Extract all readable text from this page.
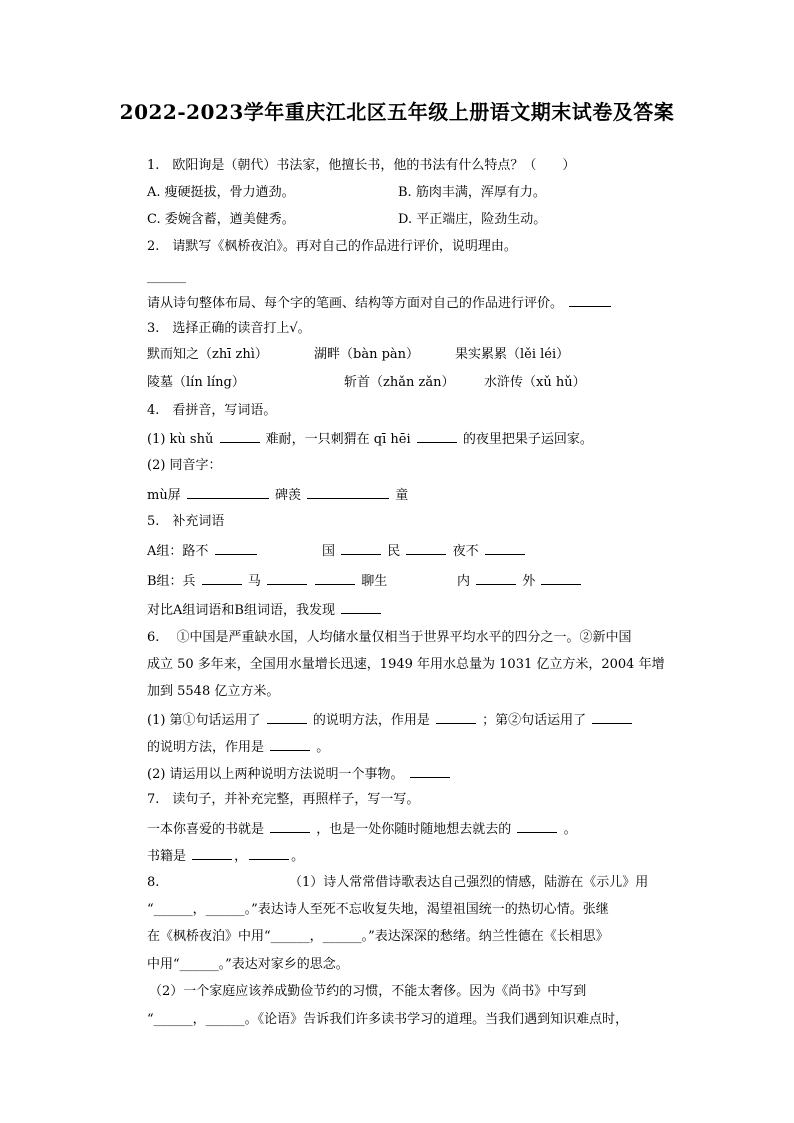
2022-2023学年重庆江北区五年级上册语文期末试卷及答案
1.　欧阳询是（朝代）书法家，他擅长书，他的书法有什么特点？（　　）
A. 瘦硬挺拔，骨力遒劲。	B. 筋肉丰满，浑厚有力。
C. 委婉含蓄，遒美健秀。	D. 平正端庄，险劲生动。
2.　请默写《枫桥夜泊》。再对自己的作品进行评价，说明理由。
______
请从诗句整体布局、每个字的笔画、结构等方面对自己的作品进行评价。
3.　选择正确的读音打上√。
默而知之（zhī zhì）	湖畔（bàn pàn）	果实累累（lěi léi）
陵墓（lín líng）	斩首（zhǎn zǎn） 水浒传（xǔ hǔ）
4.　看拼音，写词语。
(1) kù shǔ	难耐，一只刺猬在 qī hēi	的夜里把果子运回家。
(2) 同音字：
mù屏	碑羡	童
5.　补充词语
A组：路不	国	民	夜不
B组：兵	马	聊生	内	外
对比A组词语和B组词语，我发现
6.　 ①中国是严重缺水国，人均储水量仅相当于世界平均水平的四分之一。②新中国
成立 50 多年来，全国用水量增长迅速，1949 年用水总量为 1031 亿立方米，2004 年增
加到 5548 亿立方米。
(1) 第①句话运用了	的说明方法，作用是	；第②句话运用了
的说明方法，作用是	。
(2) 请运用以上两种说明方法说明一个事物。
7.　读句子，并补充完整，再照样子，写一写。
一本你喜爱的书就是	，也是一处你随时随地想去就去的	。
书籍是	，	。
8.	（1）诗人常常借诗歌表达自己强烈的情感，陆游在《示儿》用
“______，______。”表达诗人至死不忘收复失地，渴望祖国统一的热切心情。张继
在《枫桥夜泊》中用“______，______。”表达深深的愁绪。纳兰性德在《长相思》
中用“______。”表达对家乡的思念。
（2）一个家庭应该养成勤俭节约的习惯，不能太奢侈。因为《尚书》中写到
“______，______。《论语》告诉我们许多读书学习的道理。当我们遇到知识难点时，
